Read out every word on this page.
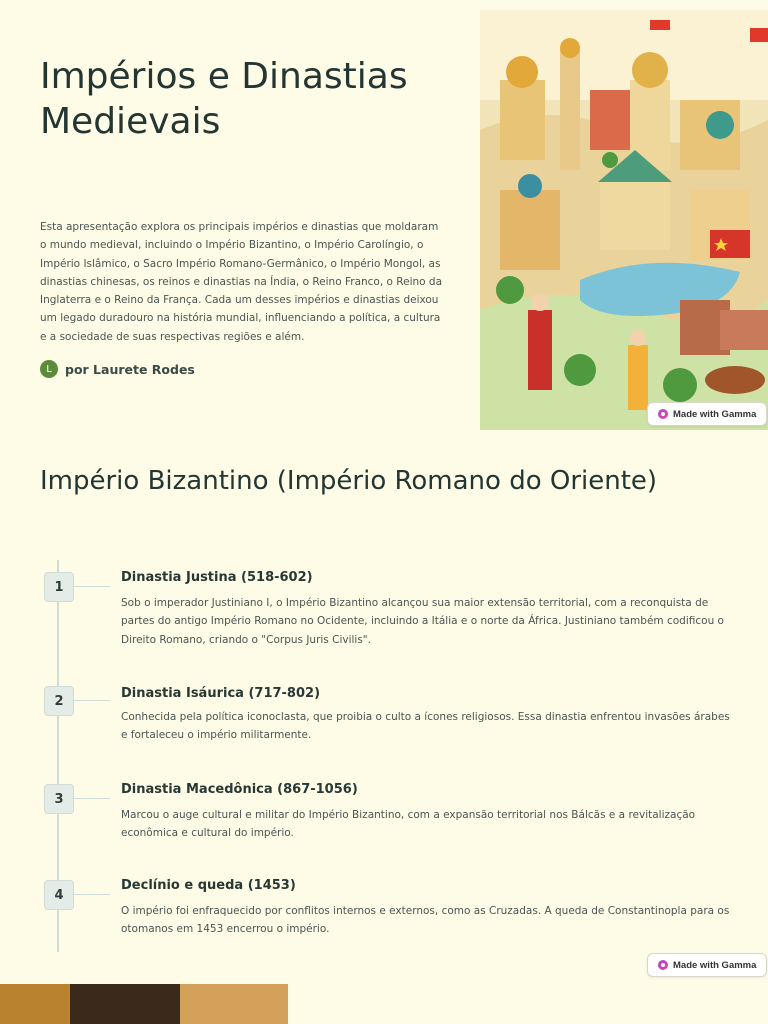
Impérios e Dinastias Medievais

Esta apresentação explora os principais impérios e dinastias que moldaram o mundo medieval, incluindo o Império Bizantino, o Império Carolíngio, o Império Islâmico, o Sacro Império Romano-Germânico, o Império Mongol, as dinastias chinesas, os reinos e dinastias na Índia, o Reino Franco, o Reino da Inglaterra e o Reino da França. Cada um desses impérios e dinastias deixou um legado duradouro na história mundial, influenciando a política, a cultura e a sociedade de suas respectivas regiões e além.

L	por Laurete Rodes
Made with Gamma
Império Bizantino (Império Romano do Oriente)
1
Dinastia Justina (518-602)

Sob o imperador Justiniano I, o Império Bizantino alcançou sua maior extensão territorial, com a reconquista de partes do antigo Império Romano no Ocidente, incluindo a Itália e o norte da África. Justiniano também codificou o Direito Romano, criando o "Corpus Juris Civilis".

2	Dinastia Isáurica (717-802)

Conhecida pela política iconoclasta, que proibia o culto a ícones religiosos. Essa dinastia enfrentou invasões árabes e fortaleceu o império militarmente.

3
Dinastia Macedônica (867-1056)

Marcou o auge cultural e militar do Império Bizantino, com a expansão territorial nos Bálcãs e a revitalização econômica e cultural do império.

4
Declínio e queda (1453)

O império foi enfraquecido por conflitos internos e externos, como as Cruzadas. A queda de Constantinopla para os otomanos em 1453 encerrou o império.

Made with Gamma
